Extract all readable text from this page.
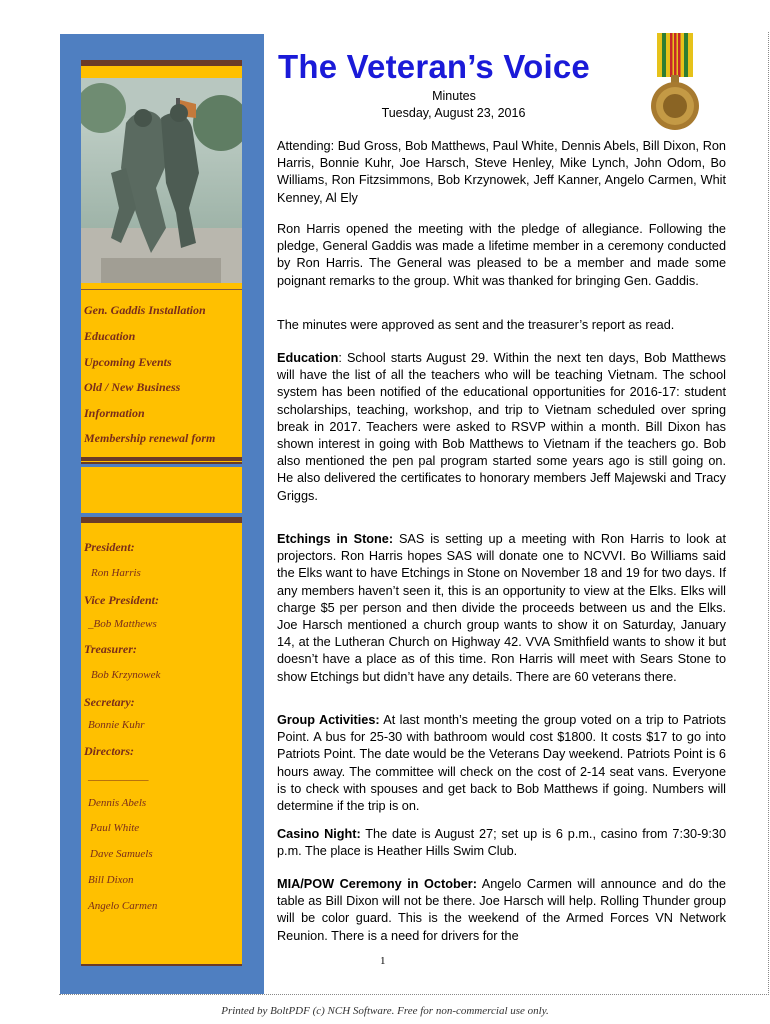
Gen. Gaddis Installation
Education
Upcoming Events
Old / New Business
Information
Membership renewal form
President:
Ron Harris
Vice President:
_Bob Matthews
Treasurer:
Bob Krzynowek
Secretary:
Bonnie Kuhr
Directors:
___________
Dennis Abels
Paul White
Dave Samuels
Bill Dixon
Angelo Carmen
The Veteran’s Voice
Minutes
Tuesday, August 23, 2016
Attending: Bud Gross, Bob Matthews, Paul White, Dennis Abels, Bill Dixon, Ron Harris, Bonnie Kuhr, Joe Harsch, Steve Henley, Mike Lynch, John Odom, Bo Williams, Ron Fitzsimmons, Bob Krzynowek, Jeff Kanner, Angelo Carmen, Whit Kenney, Al Ely
Ron Harris opened the meeting with the pledge of allegiance. Following the pledge, General Gaddis was made a lifetime member in a ceremony conducted by Ron Harris. The General was pleased to be a member and made some poignant remarks to the group. Whit was thanked for bringing Gen. Gaddis.
The minutes were approved as sent and the treasurer’s report as read.
Education: School starts August 29. Within the next ten days, Bob Matthews will have the list of all the teachers who will be teaching Vietnam. The school system has been notified of the educational opportunities for 2016-17: student scholarships, teaching, workshop, and trip to Vietnam scheduled over spring break in 2017. Teachers were asked to RSVP within a month. Bill Dixon has shown interest in going with Bob Matthews to Vietnam if the teachers go. Bob also mentioned the pen pal program started some years ago is still going on. He also delivered the certificates to honorary members Jeff Majewski and Tracy Griggs.
Etchings in Stone: SAS is setting up a meeting with Ron Harris to look at projectors. Ron Harris hopes SAS will donate one to NCVVI. Bo Williams said the Elks want to have Etchings in Stone on November 18 and 19 for two days. If any members haven’t seen it, this is an opportunity to view at the Elks. Elks will charge $5 per person and then divide the proceeds between us and the Elks. Joe Harsch mentioned a church group wants to show it on Saturday, January 14, at the Lutheran Church on Highway 42. VVA Smithfield wants to show it but doesn’t have a place as of this time. Ron Harris will meet with Sears Stone to show Etchings but didn’t have any details. There are 60 veterans there.
Group Activities: At last month’s meeting the group voted on a trip to Patriots Point. A bus for 25-30 with bathroom would cost $1800. It costs $17 to go into Patriots Point. The date would be the Veterans Day weekend. Patriots Point is 6 hours away. The committee will check on the cost of 2-14 seat vans. Everyone is to check with spouses and get back to Bob Matthews if going. Numbers will determine if the trip is on.
Casino Night: The date is August 27; set up is 6 p.m., casino from 7:30-9:30 p.m. The place is Heather Hills Swim Club.
MIA/POW Ceremony in October: Angelo Carmen will announce and do the table as Bill Dixon will not be there. Joe Harsch will help. Rolling Thunder group will be color guard. This is the weekend of the Armed Forces VN Network Reunion. There is a need for drivers for the
1
Printed by BoltPDF (c) NCH Software. Free for non-commercial use only.
